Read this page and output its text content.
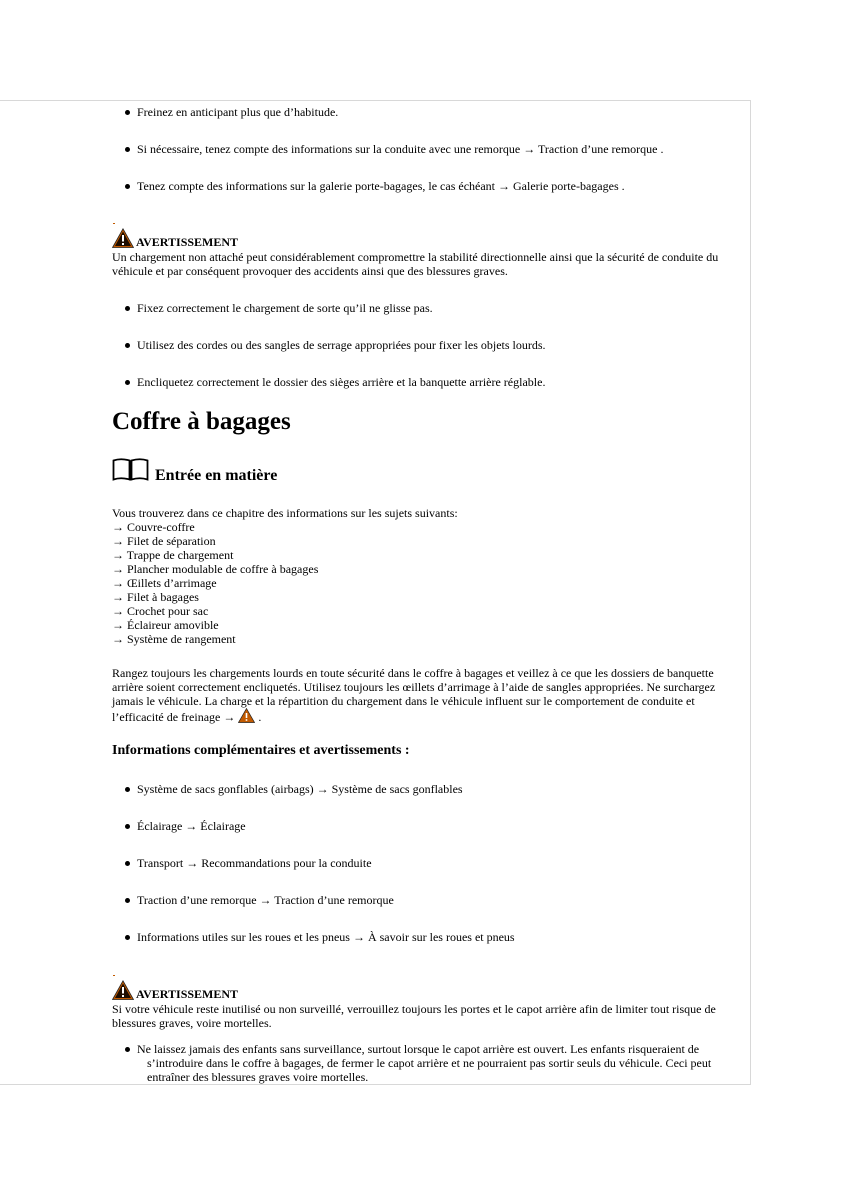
Freinez en anticipant plus que d’habitude.
Si nécessaire, tenez compte des informations sur la conduite avec une remorque → Traction d’une remorque .
Tenez compte des informations sur la galerie porte-bagages, le cas échéant → Galerie porte-bagages .
AVERTISSEMENT
Un chargement non attaché peut considérablement compromettre la stabilité directionnelle ainsi que la sécurité de conduite du véhicule et par conséquent provoquer des accidents ainsi que des blessures graves.
Fixez correctement le chargement de sorte qu’il ne glisse pas.
Utilisez des cordes ou des sangles de serrage appropriées pour fixer les objets lourds.
Encliquetez correctement le dossier des sièges arrière et la banquette arrière réglable.
Coffre à bagages
Entrée en matière
Vous trouverez dans ce chapitre des informations sur les sujets suivants:
→ Couvre-coffre
→ Filet de séparation
→ Trappe de chargement
→ Plancher modulable de coffre à bagages
→ Œillets d’arrimage
→ Filet à bagages
→ Crochet pour sac
→ Éclaireur amovible
→ Système de rangement
Rangez toujours les chargements lourds en toute sécurité dans le coffre à bagages et veillez à ce que les dossiers de banquette arrière soient correctement encliquetés. Utilisez toujours les œillets d’arrimage à l’aide de sangles appropriées. Ne surchargez jamais le véhicule. La charge et la répartition du chargement dans le véhicule influent sur le comportement de conduite et l’efficacité de freinage →  .
Informations complémentaires et avertissements :
Système de sacs gonflables (airbags) → Système de sacs gonflables
Éclairage → Éclairage
Transport → Recommandations pour la conduite
Traction d’une remorque → Traction d’une remorque
Informations utiles sur les roues et les pneus → À savoir sur les roues et pneus
AVERTISSEMENT
Si votre véhicule reste inutilisé ou non surveillé, verrouillez toujours les portes et le capot arrière afin de limiter tout risque de blessures graves, voire mortelles.
Ne laissez jamais des enfants sans surveillance, surtout lorsque le capot arrière est ouvert. Les enfants risqueraient de
s’introduire dans le coffre à bagages, de fermer le capot arrière et ne pourraient pas sortir seuls du véhicule. Ceci peut entraîner des blessures graves voire mortelles.
